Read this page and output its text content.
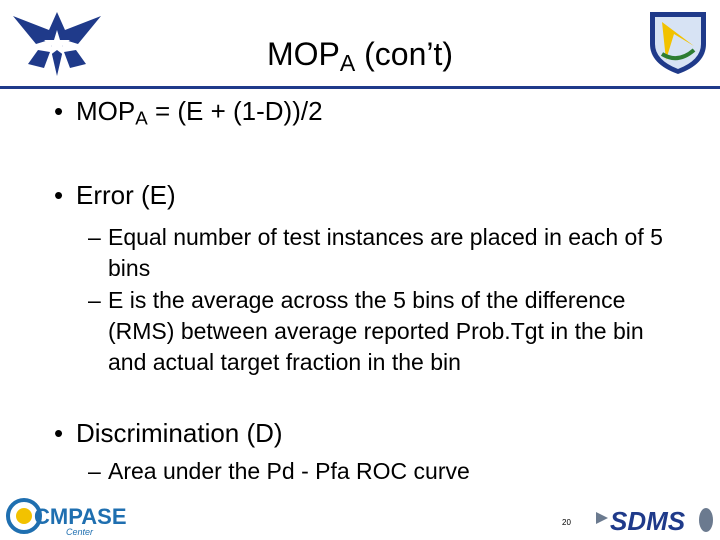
$MOP_A$ (con’t)
• $MOP_A = (E + (1-D))/2$
• Error (E)
– Equal number of test instances are placed in each of 5 bins
– E is the average across the 5 bins of the difference (RMS) between average reported Prob.Tgt in the bin and actual target fraction in the bin
• Discrimination (D)
– Area under the Pd - Pfa ROC curve
CMPASE
Center
20 SDMS
